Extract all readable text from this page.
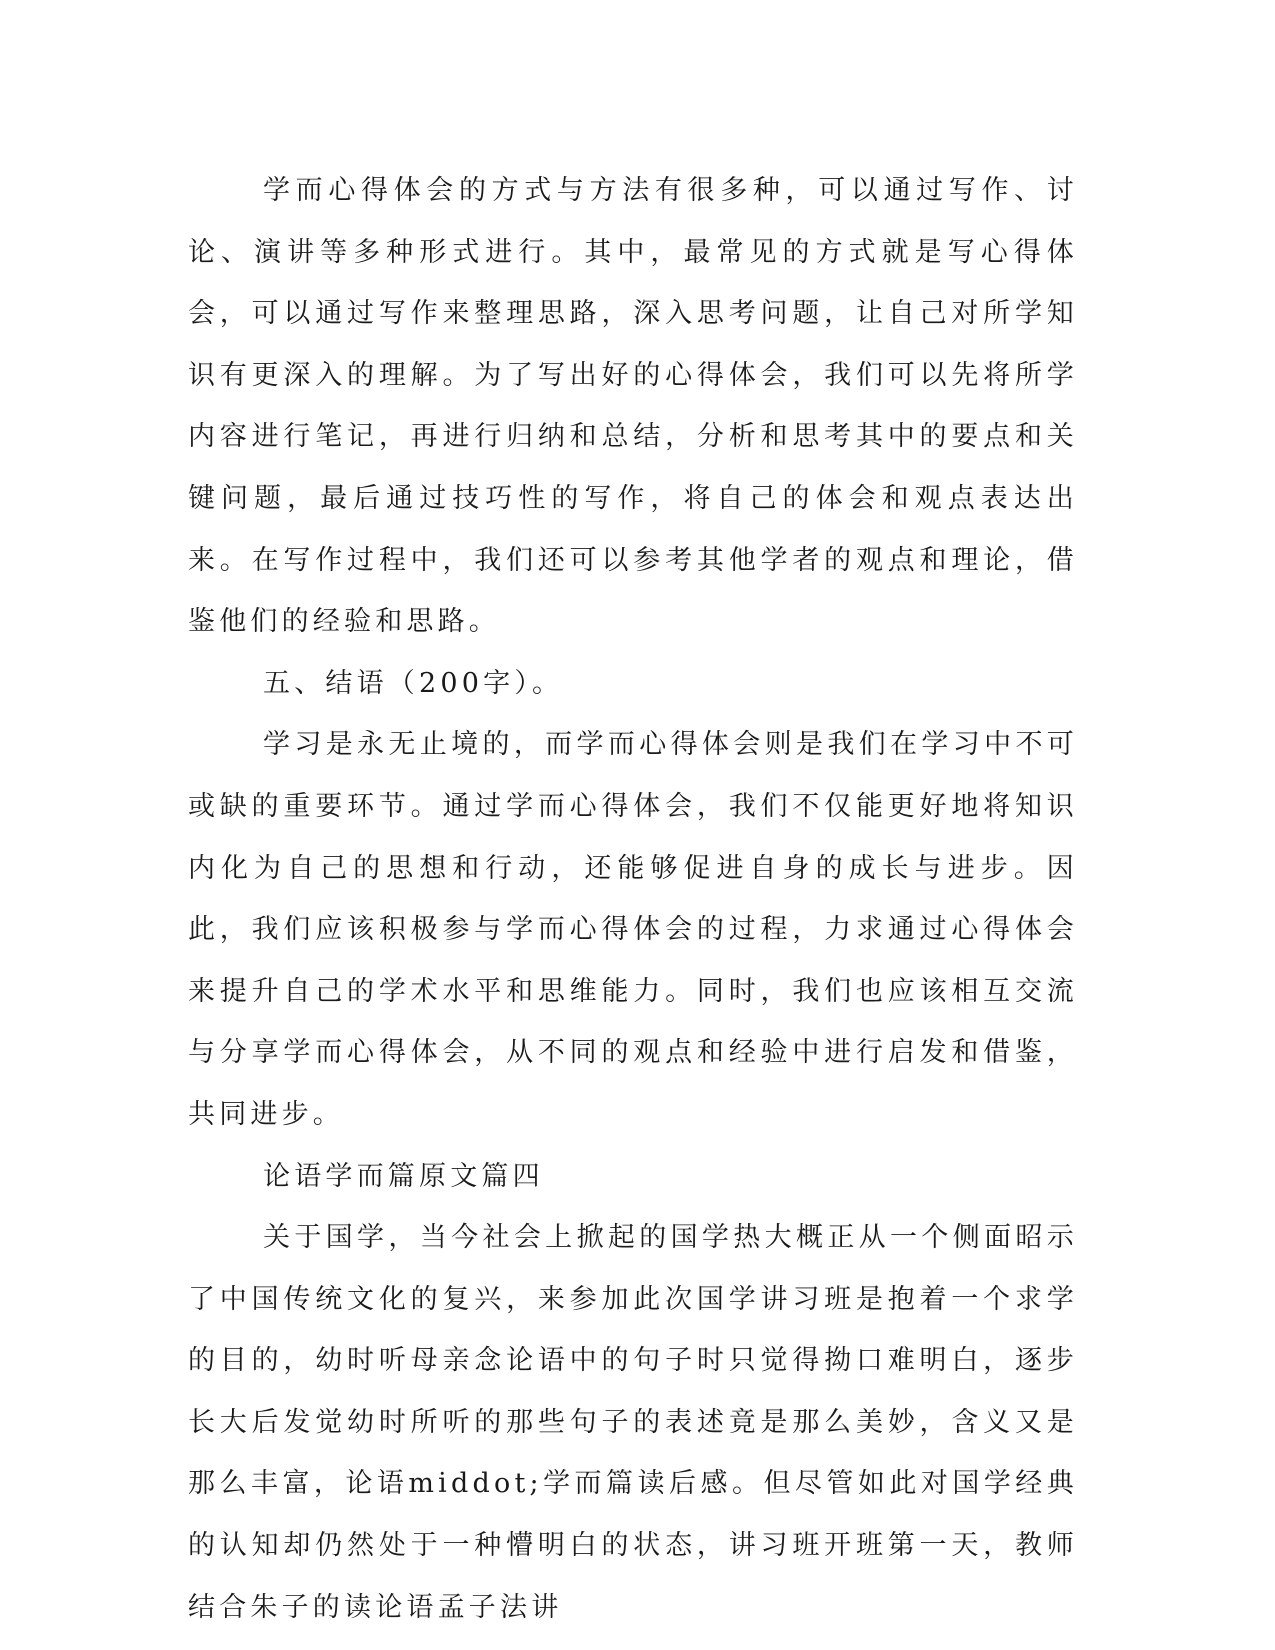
学而心得体会的方式与方法有很多种，可以通过写作、讨论、演讲等多种形式进行。其中，最常见的方式就是写心得体会，可以通过写作来整理思路，深入思考问题，让自己对所学知识有更深入的理解。为了写出好的心得体会，我们可以先将所学内容进行笔记，再进行归纳和总结，分析和思考其中的要点和关键问题，最后通过技巧性的写作，将自己的体会和观点表达出来。在写作过程中，我们还可以参考其他学者的观点和理论，借鉴他们的经验和思路。

五、结语（200字）。

学习是永无止境的，而学而心得体会则是我们在学习中不可或缺的重要环节。通过学而心得体会，我们不仅能更好地将知识内化为自己的思想和行动，还能够促进自身的成长与进步。因此，我们应该积极参与学而心得体会的过程，力求通过心得体会来提升自己的学术水平和思维能力。同时，我们也应该相互交流与分享学而心得体会，从不同的观点和经验中进行启发和借鉴，共同进步。

论语学而篇原文篇四

关于国学，当今社会上掀起的国学热大概正从一个侧面昭示了中国传统文化的复兴，来参加此次国学讲习班是抱着一个求学的目的，幼时听母亲念论语中的句子时只觉得拗口难明白，逐步长大后发觉幼时所听的那些句子的表述竟是那么美妙，含义又是那么丰富，论语middot;学而篇读后感。但尽管如此对国学经典的认知却仍然处于一种懵明白的状态，讲习班开班第一天，教师结合朱子的读论语孟子法讲
